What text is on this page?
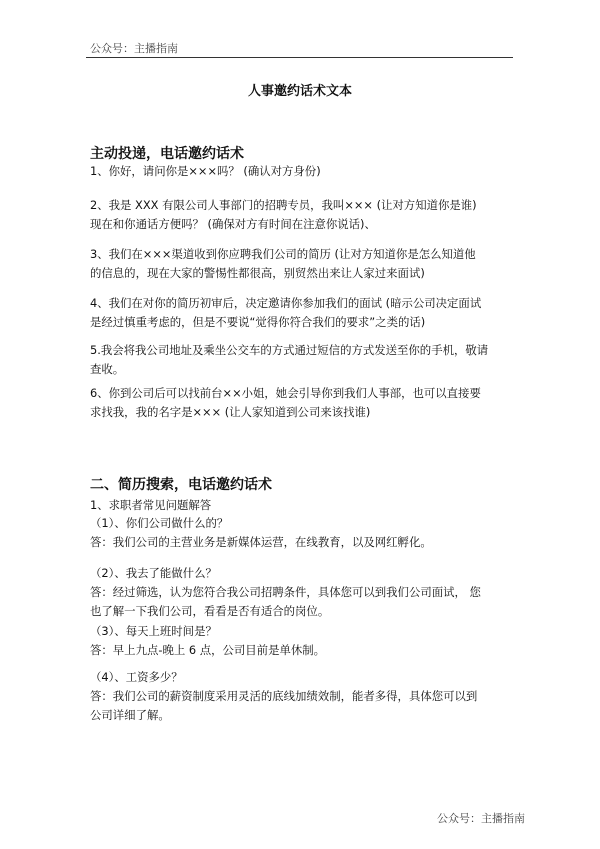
公众号：主播指南
人事邀约话术文本
主动投递，电话邀约话术
1、你好，请问你是×××吗？ (确认对方身份)
2、我是 XXX 有限公司人事部门的招聘专员，我叫××× (让对方知道你是谁)
现在和你通话方便吗？ (确保对方有时间在注意你说话)、
3、我们在×××渠道收到你应聘我们公司的简历 (让对方知道你是怎么知道他
的信息的，现在大家的警惕性都很高，别贸然出来让人家过来面试)
4、我们在对你的简历初审后，决定邀请你参加我们的面试 (暗示公司决定面试
是经过慎重考虑的，但是不要说“觉得你符合我们的要求”之类的话)
5.我会将我公司地址及乘坐公交车的方式通过短信的方式发送至你的手机，敬请
查收。
6、你到公司后可以找前台××小姐，她会引导你到我们人事部，也可以直接要
求找我，我的名字是××× (让人家知道到公司来该找谁)
二、简历搜索，电话邀约话术
1、求职者常见问题解答
（1）、你们公司做什么的？
答：我们公司的主营业务是新媒体运营，在线教育，以及网红孵化。
（2）、我去了能做什么？
答：经过筛选，认为您符合我公司招聘条件，具体您可以到我们公司面试， 您
也了解一下我们公司，看看是否有适合的岗位。
（3）、每天上班时间是？
答：早上九点-晚上 6 点，公司目前是单休制。
（4）、工资多少？
答：我们公司的薪资制度采用灵活的底线加绩效制，能者多得，具体您可以到
公司详细了解。
公众号：主播指南
